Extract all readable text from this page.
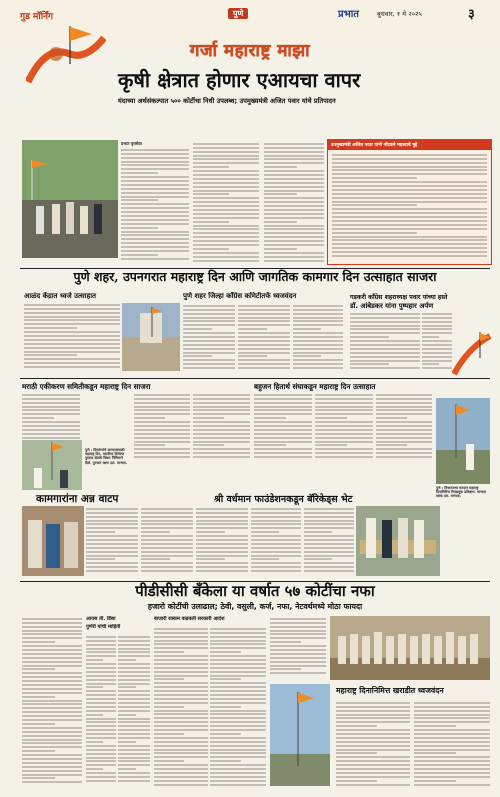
गुड मॉर्निंग	पुणे	प्रभात	बुधवार, १ मे २०२५	३
गर्जा महाराष्ट्र माझा
कृषी क्षेत्रात होणार एआयचा वापर
यंदाच्या अर्थसंकल्पात ५०० कोटींचा निधी उपलब्ध; उपमुख्यमंत्री अजित पवार यांचे प्रतिपादन
प्रभात वृत्तसेवा	उपमुख्यमंत्री अजित पवार यांनी नोंदवले महत्त्वाचे मुद्दे
पुणे शहर, उपनगरात महाराष्ट्र दिन आणि जागतिक कामगार दिन उत्साहात साजरा
आळंद केंद्रात ध्वजे उत्साहात	पुणे शहर जिल्हा काँग्रेस कमिटीतर्फे ध्वजवंदन	गडकरी काँग्रेस शहराध्यक्ष पवार यांच्या हस्ते
डॉ. आंबेडकर यांना पुष्पहार अर्पण
मराठी एकीकरण समितीकडून महाराष्ट्र दिन साजरा	बहुजन हितार्थ संघाकडून महाराष्ट्र दिन उत्साहात
पुणे : दिव्यांग्यांचे कल्याणासाठी महाराष्ट्र दिन, मराठीला दिलेल्या पुरवठा सेवांचे विचार निमित्ताने दिले. पुण्यात रक्षण दल. मान्यता.
पुणे : विधानसभा मतदान महाराष्ट्र दिनानिमित्त निवडणूक प्रशिक्षण. मान्यता रक्षक दल. मान्यता.
कामगारांना अन्न वाटप	श्री वर्धमान फाउंडेशनकडून बॅरिकेड्स भेट
पीडीसीसी बँकेला या वर्षात ५७ कोटींचा नफा
हजारो कोटींची उलाढाल; ठेवी, वसुली, कर्ज, नफा, नेटवर्थमध्ये मोठा फायदा
आयस ती. डिंसा
पुणेरी यांची माहिती
बाजारी रक्कम वाढवली सरकारी आदेश
महाराष्ट्र दिनानिमित्त खराडीत ध्वजवंदन
